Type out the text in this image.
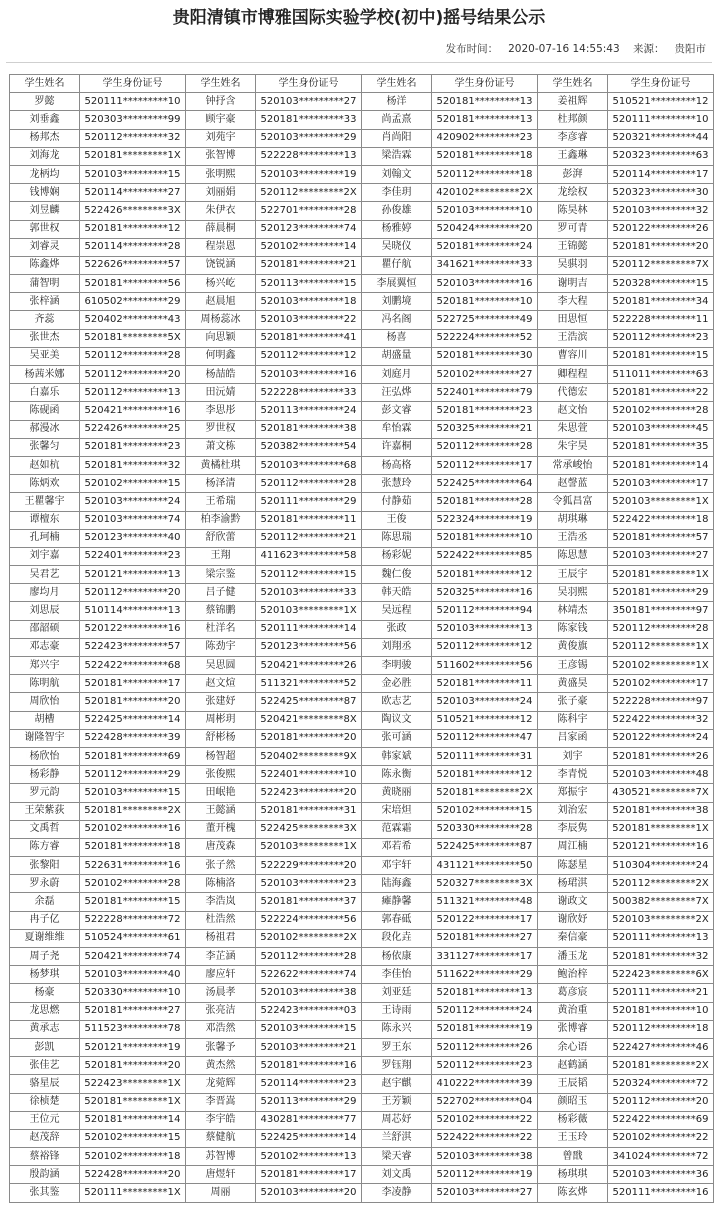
贵阳清镇市博雅国际实验学校(初中)摇号结果公示
发布时间： 2020-07-16 14:55:43 来源： 贵阳市
学生姓名	学生身份证号	学生姓名	学生身份证号	学生姓名	学生身份证号	学生姓名	学生身份证号
罗懿	520111*********10	钟抒含	520103*********27	杨洋	520181*********13	姜祖辉	510521*********12
刘垂鑫	520303*********99	顾宇豪	520181*********33	尚孟熹	520181*********13	杜邦颜	520111*********10
杨邦杰	520112*********32	刘苑宇	520103*********29	肖尚阳	420902*********23	李彦睿	520321*********44
刘海龙	520181*********1X	张智博	522228*********13	梁浩霖	520181*********18	王鑫琳	520323*********63
龙柄均	520103*********15	张明熙	520103*********19	刘翰文	520112*********18	彭湃	520114*********17
钱博娴	520114*********27	刘丽娟	520112*********2X	李佳玥	420102*********2X	龙绘权	520323*********30
刘昱麟	522426*********3X	朱伊衣	522701*********28	孙俊雄	520103*********10	陈昊林	520103*********32
郭世权	520181*********12	薛晨桐	520123*********74	杨雅婷	520424*********20	罗可青	520122*********26
刘睿灵	520114*********28	程崇恩	520102*********14	吴晓仪	520181*********24	王锦懿	520181*********20
陈鑫烨	522626*********57	饶锐涵	520181*********21	瞿仔航	341621*********33	吴骐羽	520112*********7X
蒲智明	520181*********56	杨兴屹	520113*********15	李展翼恒	520103*********16	谢明吉	520328*********15
张梓涵	610502*********29	赵晨旭	520103*********18	刘鹏境	520181*********10	李大程	520181*********34
齐蕊	520402*********43	周杨蕊冰	520103*********22	冯名阁	522725*********49	田思恒	522228*********11
张世杰	520181*********5X	向思颖	520181*********41	杨喜	522224*********52	王浩滨	520112*********23
吴亚美	520112*********28	何明鑫	520112*********12	胡盛量	520181*********30	曹容川	520181*********15
杨茜米娜	520112*********20	杨喆皓	520103*********16	刘庭月	520102*********27	卿程程	511011*********63
白嘉乐	520112*********13	田沅婧	522228*********33	汪弘烨	522401*********79	代德宏	520181*********22
陈砚函	520421*********16	李思彤	520113*********24	彭文睿	520181*********23	赵文怡	520102*********28
郝漫冰	522426*********25	罗世权	520181*********38	牟怡霖	520325*********21	朱思萱	520103*********45
张馨匀	520181*********23	萧文栋	520382*********54	许嘉桐	520112*********28	朱宇昊	520181*********35
赵如杭	520181*********32	黄橘杜琪	520103*********68	杨高格	520112*********17	常承峻怡	520181*********14
陈炳欢	520102*********15	杨泽清	520112*********28	张慧玲	522425*********64	赵謦蓝	520103*********17
王瞿馨宇	520103*********24	王希瑞	520111*********29	付静茹	520181*********28	令狐昌富	520103*********1X
谭檀东	520103*********74	柏李渝黔	520181*********11	王俊	522324*********19	胡琪琳	522422*********18
孔珂楠	520123*********40	舒欣蕾	520112*********21	陈思瑞	520181*********10	王浩丞	520181*********57
刘宇嘉	522401*********23	王翔	411623*********58	杨彩妮	522422*********85	陈思慧	520103*********27
吴君艺	520121*********13	梁宗鉴	520112*********15	魏仁俊	520181*********12	王辰宇	520181*********1X
廖均月	520112*********20	吕子健	520103*********33	韩天皓	520325*********16	吴羽熙	520181*********29
刘思辰	510114*********13	蔡锦鹏	520103*********1X	吴远程	520112*********94	林靖杰	350181*********97
邵韶硕	520122*********16	杜洋名	520111*********14	张政	520103*********13	陈家钱	520112*********28
邓志豪	522423*********57	陈劲宇	520123*********56	刘翔丞	520112*********12	黄俊旗	520112*********1X
郑兴宇	522422*********68	吴思圆	520421*********26	李明骏	511602*********56	王彦锡	520102*********1X
陈明航	520181*********17	赵文煊	511321*********52	金必胜	520181*********11	黄盛昊	520102*********17
周欣怡	520181*********20	张建妤	522425*********87	欧志艺	520103*********24	张子豪	522228*********97
胡槽	522425*********14	周彬玥	520421*********8X	陶议文	510521*********12	陈科宇	522422*********32
谢隆智宇	522428*********39	舒彬杨	520181*********20	张可涵	520112*********47	吕家函	520122*********24
杨欣怡	520181*********69	杨智超	520402*********9X	韩家斌	520111*********31	刘宇	520181*********26
杨彩静	520112*********29	张俊熙	522401*********10	陈永衡	520181*********12	李青悦	520103*********48
罗元韵	520103*********15	田岷艳	522423*********20	黄晓丽	520181*********2X	郑振宇	430521*********7X
王荣紫荻	520181*********2X	王懿涵	520181*********31	宋培炟	520102*********15	刘治宏	520181*********38
文禹哲	520102*********16	董开槐	522425*********3X	范霖霜	520330*********28	李辰隽	520181*********1X
陈方睿	520181*********18	唐茂森	520103*********1X	邓若希	522425*********87	周江楠	520121*********16
张黎阳	522631*********16	张子然	522229*********20	邓宇轩	431121*********50	陈瑟星	510304*********24
罗永蔚	520102*********28	陈楠洛	520103*********23	陆海鑫	520327*********3X	杨珺淇	520112*********2X
余磊	520181*********15	李浩岚	520181*********37	瘫静馨	511321*********48	谢政文	500382*********7X
冉子亿	522228*********72	杜浩然	522224*********56	郭春砥	520122*********17	谢欣妤	520103*********2X
夏谢维维	510524*********61	杨祖君	520102*********2X	段化垚	520181*********27	秦信豪	520111*********13
周子尧	520421*********74	李芷涵	520112*********28	杨依康	331127*********17	潘玉龙	520181*********32
杨梦琪	520103*********40	廖应轩	522622*********74	李佳怡	511622*********29	鲍治梓	522423*********6X
杨豪	520330*********10	汤晨孝	520103*********38	刘亚廷	520181*********13	葛彦宸	520111*********21
龙思燃	520181*********27	张亮洁	522423*********03	王诗雨	520112*********24	黄治重	520181*********10
黄承志	511523*********78	邓浩然	520103*********15	陈永兴	520181*********19	张博睿	520112*********18
彭凯	520121*********19	张馨予	520103*********21	罗王东	520112*********26	余心语	522427*********46
张佳艺	520181*********20	黄杰然	520181*********16	罗钰翔	520112*********23	赵鹤涵	520181*********2X
骆星辰	522423*********1X	龙菀辉	520114*********23	赵宇麒	410222*********39	王辰韬	520324*********72
徐桢楚	520181*********1X	李晋嵩	520113*********29	王芳颖	522702*********04	颜昭玉	520112*********20
王位元	520181*********14	李宇皓	430281*********77	周芯妤	520102*********22	杨彩薇	522422*********69
赵茂辞	520102*********15	蔡健航	522425*********14	兰舒淇	522422*********22	王玉玲	520102*********22
蔡裕锋	520102*********18	苏智博	520102*********13	梁天睿	520103*********38	曾戬	341024*********72
殷韵涵	522428*********20	唐煜轩	520181*********17	刘文禹	520112*********19	杨琪琪	520103*********36
张其鉴	520111*********1X	周丽	520103*********20	李凌静	520103*********27	陈玄烨	520111*********16
